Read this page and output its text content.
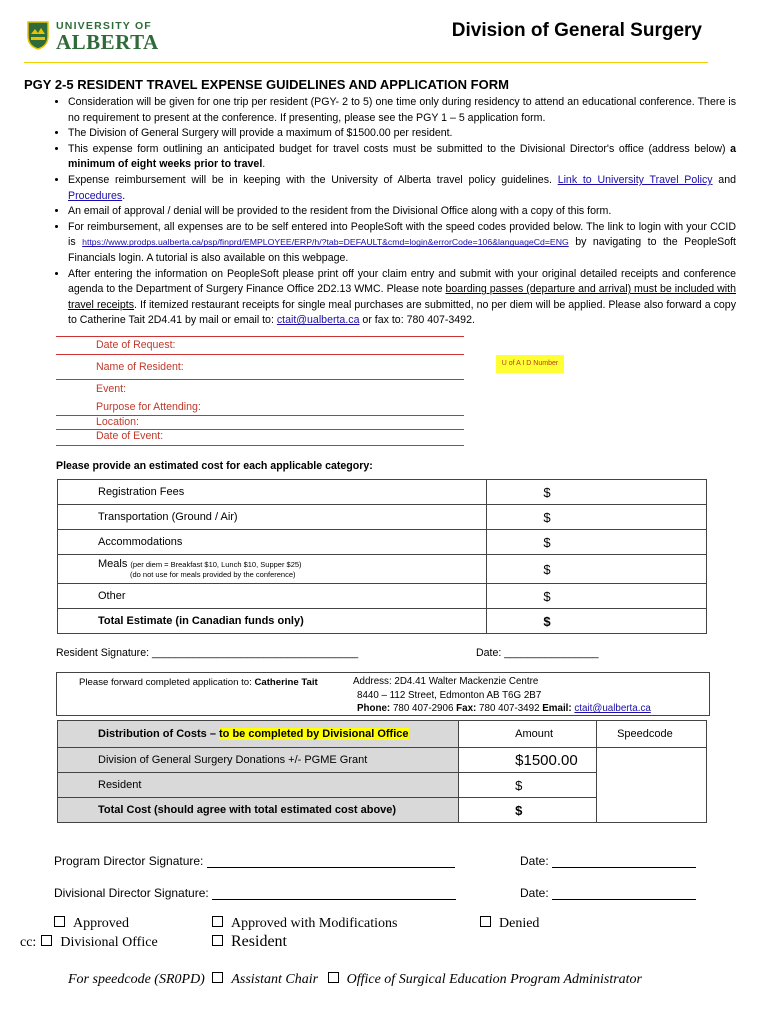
UNIVERSITY OF
ALBERTA	Division of General Surgery
PGY 2-5 RESIDENT TRAVEL EXPENSE GUIDELINES AND APPLICATION FORM
• Consideration will be given for one trip per resident (PGY- 2 to 5) one time only during residency to attend an educational conference. There is no requirement to present at the conference. If presenting, please see the PGY 1 – 5 application form.
• The Division of General Surgery will provide a maximum of $1500.00 per resident.
• This expense form outlining an anticipated budget for travel costs must be submitted to the Divisional Director's office (address below) a minimum of eight weeks prior to travel.
• Expense reimbursement will be in keeping with the University of Alberta travel policy guidelines. Link to University Travel Policy and Procedures.
• An email of approval / denial will be provided to the resident from the Divisional Office along with a copy of this form.
• For reimbursement, all expenses are to be self entered into PeopleSoft with the speed codes provided below. The link to login with your CCID is https://www.prodps.ualberta.ca/psp/finprd/EMPLOYEE/ERP/h/?tab=DEFAULT&cmd=login&errorCode=106&languageCd=ENG by navigating to the PeopleSoft Financials login. A tutorial is also available on this webpage.
• After entering the information on PeopleSoft please print off your claim entry and submit with your original detailed receipts and conference agenda to the Department of Surgery Finance Office 2D2.13 WMC. Please note boarding passes (departure and arrival) must be included with travel receipts. If itemized restaurant receipts for single meal purchases are submitted, no per diem will be applied. Please also forward a copy to Catherine Tait 2D4.41 by mail or email to: ctait@ualberta.ca or fax to: 780 407-3492.
Date of Request:
Name of Resident:
Event:
Purpose for Attending:
Location:
Date of Event:
U of A I D Number
Please provide an estimated cost for each applicable category:
Registration Fees	$
Transportation (Ground / Air)	$
Accommodations	$
Meals (per diem = Breakfast $10, Lunch $10, Supper $25)
(do not use for meals provided by the conference)	$
Other	$
Total Estimate (in Canadian funds only)	$
Resident Signature: ___________________________________	Date: ________________
Please forward completed application to: Catherine Tait	Address: 2D4.41 Walter Mackenzie Centre
8440 – 112 Street, Edmonton AB T6G 2B7
Phone: 780 407-2906 Fax: 780 407-3492 Email: ctait@ualberta.ca
Distribution of Costs – to be completed by Divisional Office	Amount	Speedcode
Division of General Surgery Donations +/- PGME Grant	$1500.00	
Resident	$	
Total Cost (should agree with total estimated cost above)	$	
Program Director Signature:	Date:
Divisional Director Signature:	Date:
Approved	Approved with Modifications	Denied
cc: Divisional Office	Resident
For speedcode (SR0PD) Assistant Chair Office of Surgical Education Program Administrator
